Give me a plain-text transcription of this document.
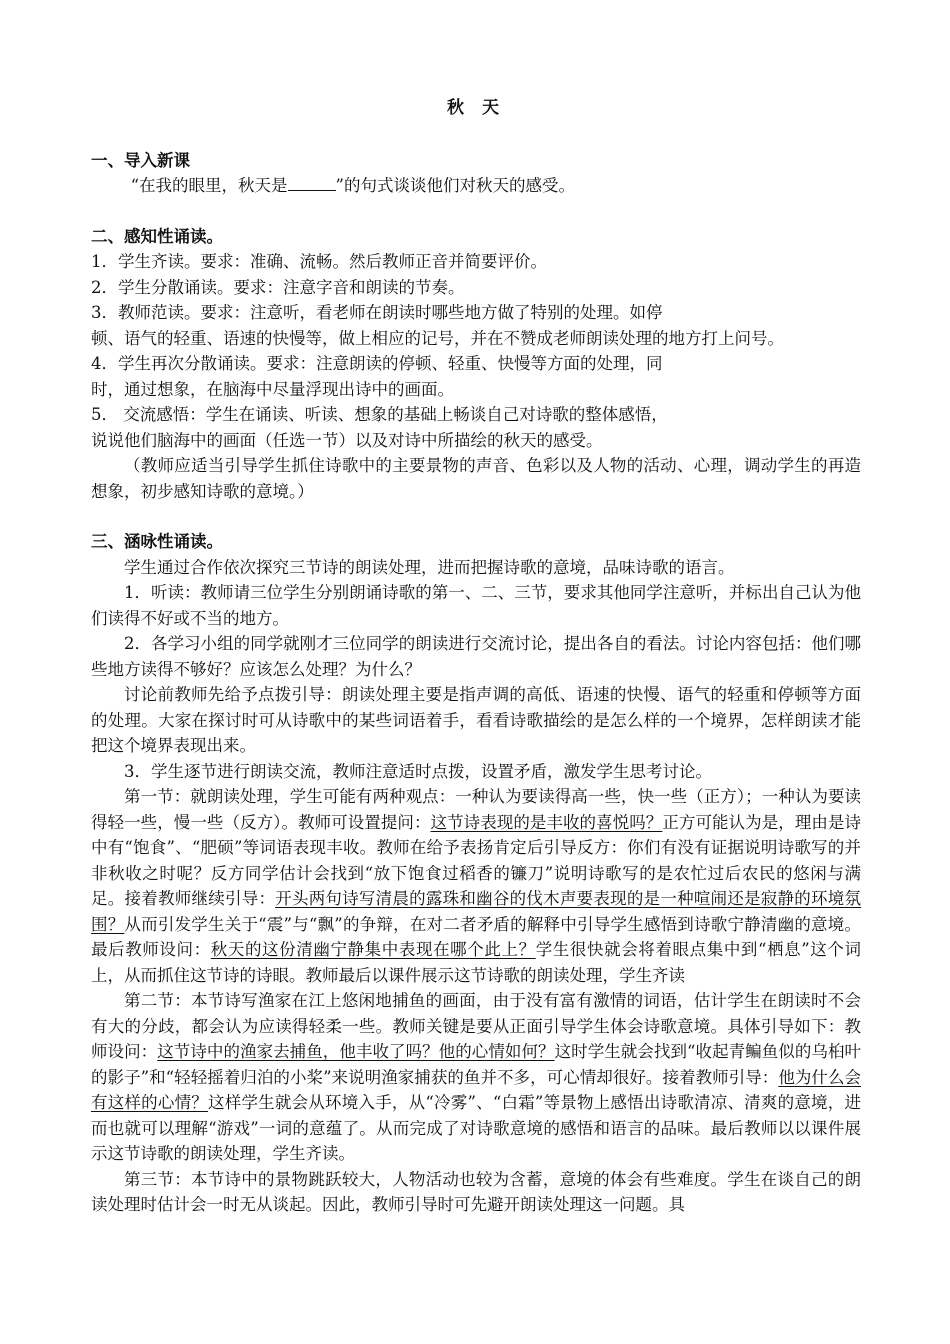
秋 天

一、导入新课

“在我的眼里，秋天是	”的句式谈谈他们对秋天的感受。

二、感知性诵读。

1．学生齐读。要求：准确、流畅。然后教师正音并简要评价。

2．学生分散诵读。要求：注意字音和朗读的节奏。

3．教师范读。要求：注意听，看老师在朗读时哪些地方做了特别的处理。如停

顿、语气的轻重、语速的快慢等，做上相应的记号，并在不赞成老师朗读处理的地方打上问号。

4．学生再次分散诵读。要求：注意朗读的停顿、轻重、快慢等方面的处理，同

时，通过想象，在脑海中尽量浮现出诗中的画面。

5． 交流感悟：学生在诵读、听读、想象的基础上畅谈自己对诗歌的整体感悟，

说说他们脑海中的画面（任选一节）以及对诗中所描绘的秋天的感受。

（教师应适当引导学生抓住诗歌中的主要景物的声音、色彩以及人物的活动、心理，调动学生的再造想象，初步感知诗歌的意境。）

三、涵咏性诵读。

学生通过合作依次探究三节诗的朗读处理，进而把握诗歌的意境，品味诗歌的语言。

1．听读：教师请三位学生分别朗诵诗歌的第一、二、三节，要求其他同学注意听，并标出自己认为他们读得不好或不当的地方。

2．各学习小组的同学就刚才三位同学的朗读进行交流讨论，提出各自的看法。讨论内容包括：他们哪些地方读得不够好？应该怎么处理？为什么？

讨论前教师先给予点拨引导：朗读处理主要是指声调的高低、语速的快慢、语气的轻重和停顿等方面的处理。大家在探讨时可从诗歌中的某些词语着手，看看诗歌描绘的是怎么样的一个境界，怎样朗读才能把这个境界表现出来。

3．学生逐节进行朗读交流，教师注意适时点拨，设置矛盾，激发学生思考讨论。

第一节：就朗读处理，学生可能有两种观点：一种认为要读得高一些，快一些（正方）；一种认为要读得轻一些，慢一些（反方）。教师可设置提问：这节诗表现的是丰收的喜悦吗？正方可能认为是，理由是诗中有“饱食”、“肥硕”等词语表现丰收。教师在给予表扬肯定后引导反方：你们有没有证据说明诗歌写的并非秋收之时呢？反方同学估计会找到“放下饱食过稻香的镰刀”说明诗歌写的是农忙过后农民的悠闲与满足。接着教师继续引导：开头两句诗写清晨的露珠和幽谷的伐木声要表现的是一种喧闹还是寂静的环境氛围？从而引发学生关于“震”与“飘”的争辩，在对二者矛盾的解释中引导学生感悟到诗歌宁静清幽的意境。最后教师设问：秋天的这份清幽宁静集中表现在哪个此上？学生很快就会将着眼点集中到“栖息”这个词上，从而抓住这节诗的诗眼。教师最后以课件展示这节诗歌的朗读处理，学生齐读

第二节：本节诗写渔家在江上悠闲地捕鱼的画面，由于没有富有激情的词语，估计学生在朗读时不会有大的分歧，都会认为应读得轻柔一些。教师关键是要从正面引导学生体会诗歌意境。具体引导如下：教师设问：这节诗中的渔家去捕鱼，他丰收了吗？他的心情如何？这时学生就会找到“收起青鳊鱼似的乌桕叶的影子”和“轻轻摇着归泊的小桨”来说明渔家捕获的鱼并不多，可心情却很好。接着教师引导：他为什么会有这样的心情？这样学生就会从环境入手，从“冷雾”、“白霜”等景物上感悟出诗歌清凉、清爽的意境，进而也就可以理解“游戏”一词的意蕴了。从而完成了对诗歌意境的感悟和语言的品味。最后教师以以课件展示这节诗歌的朗读处理，学生齐读。

第三节：本节诗中的景物跳跃较大，人物活动也较为含蓄，意境的体会有些难度。学生在谈自己的朗读处理时估计会一时无从谈起。因此，教师引导时可先避开朗读处理这一问题。具
